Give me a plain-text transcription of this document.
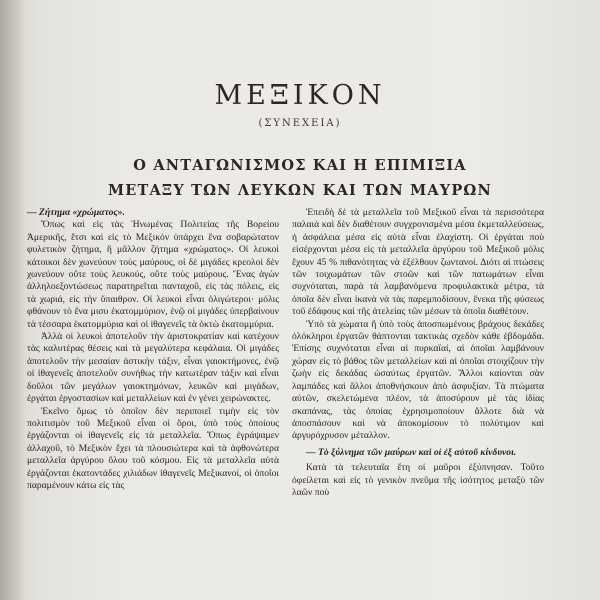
ΜΕΞΙΚΟΝ
(ΣΥΝΕΧΕΙΑ)
Ο ΑΝΤΑΓΩΝΙΣΜΟΣ ΚΑΙ Η ΕΠΙΜΙΞΙΑ
ΜΕΤΑΞΥ ΤΩΝ ΛΕΥΚΩΝ ΚΑΙ ΤΩΝ ΜΑΥΡΩΝ

— Ζήτημα «χρώματος».

Ὅπως καὶ εἰς τὰς Ἡνωμένας Πολιτείας τῆς Βορείου Ἀμερικῆς, ἔτσι καὶ εἰς τὸ Μεξικὸν ὑπάρχει ἕνα σοβαρώτατον φυλετικὸν ζήτημα, ἢ μᾶλλον ζήτημα «χρώματος». Οἱ λευκοὶ κάτοικοι δὲν χωνεύουν τοὺς μαύρους, οἱ δὲ μιγάδες κρεολοὶ δὲν χωνεύουν οὔτε τοὺς λευκούς, οὔτε τοὺς μαύρους. Ἕνας ἀγὼν ἀλληλοεξοντώσεως παρατηρεῖται πανταχοῦ, εἰς τὰς πόλεις, εἰς τὰ χωριά, εἰς τὴν ὕπαιθρον. Οἱ λευκοὶ εἶναι ὀλιγώτεροι· μόλις φθάνουν τὸ ἕνα μισυ ἑκατομμύριον, ἐνῷ οἱ μιγάδες ὑπερβαίνουν τὰ τέσσαρα ἑκατομμύρια καὶ οἱ ἰθαγενεῖς τὰ ὀκτὼ ἑκατομμύρια.

Ἀλλὰ οἱ λευκοὶ ἀποτελοῦν τὴν ἀριστοκρατίαν καὶ κατέχουν τὰς καλυτέρας θέσεις καὶ τὰ μεγαλύτερα κεφάλαια. Οἱ μιγάδες ἀποτελοῦν τὴν μεσαίαν ἀστικὴν τάξιν, εἶναι γαιοκτήμονες, ἐνῷ οἱ ἰθαγενεῖς ἀποτελοῦν συνήθως τὴν κατωτέραν τάξιν καὶ εἶναι δοῦλοι τῶν μεγάλων γαιοκτημόνων, λευκῶν καὶ μιγάδων, ἐργάται ἐργοστασίων καὶ μεταλλείων καὶ ἐν γένει χειρώνακτες.

Ἐκεῖνο ὅμως τὸ ὁποῖον δὲν περιποιεῖ τιμὴν εἰς τὸν πολιτισμὸν τοῦ Μεξικοῦ εἶναι οἱ ὅροι, ὑπὸ τοὺς ὁποίους ἐργάζονται οἱ ἰθαγενεῖς εἰς τὰ μεταλλεῖα. Ὅπως ἐγράψαμεν ἀλλαχοῦ, τὸ Μεξικὸν ἔχει τὰ πλουσιώτερα καὶ τὰ ἀφθονώτερα μεταλλεῖα ἀργύρου ὅλου τοῦ κόσμου. Εἰς τὰ μεταλλεῖα αὐτὰ ἐργάζονται ἑκατοντάδες χιλιάδων ἰθαγενεῖς Μεξικανοί, οἱ ὁποῖοι παραμένουν κάτω εἰς τὰς

Ἐπειδὴ δὲ τὰ μεταλλεῖα τοῦ Μεξικοῦ εἶναι τὰ περισσότερα παλαιὰ καὶ δὲν διαθέτουν συγχρονισμένα μέσα ἐκμεταλλεύσεως, ἡ ἀσφάλεια μέσα εἰς αὐτὰ εἶναι ἐλαχίστη. Οἱ ἐργάται ποὺ εἰσέρχονται μέσα εἰς τὰ μεταλλεῖα ἀργύρου τοῦ Μεξικοῦ μόλις ἔχουν 45 % πιθανότητας νὰ ἐξέλθουν ζωντανοί. Διότι αἱ πτώσεις τῶν τοιχωμάτων τῶν στοῶν καὶ τῶν πατωμάτων εἶναι συχνόταται, παρὰ τὰ λαμβανόμενα προφυλακτικὰ μέτρα, τὰ ὁποῖα δὲν εἶναι ἱκανὰ νὰ τὰς παρεμποδίσουν, ἕνεκα τῆς φύσεως τοῦ ἐδάφους καὶ τῆς ἀτελείας τῶν μέσων τὰ ὁποῖα διαθέτουν.

Ὑπὸ τὰ χώματα ἢ ὑπὸ τοὺς ἀποσπωμένους βράχους δεκάδες ὁλόκληροι ἐργατῶν θάπτονται τακτικὰς σχεδὸν κάθε ἑβδομάδα. Ἐπίσης συχνόταται εἶναι αἱ πυρκαϊαί, αἱ ὁποῖαι λαμβάνουν χώραν εἰς τὸ βάθος τῶν μεταλλείων καὶ αἱ ὁποῖαι στοιχίζουν τὴν ζωὴν εἰς δεκάδας ὡσαύτως ἐργατῶν. Ἄλλοι καίονται σὰν λαμπάδες καὶ ἄλλοι ἀποθνήσκουν ἀπὸ ἀσφυξίαν. Τὰ πτώματα αὐτῶν, σκελετώμενα πλέον, τὰ ἀποσύρουν μὲ τὰς ἰδίας σκαπάνας, τὰς ὁποίας ἐχρησιμοποίουν ἄλλοτε διὰ νὰ ἀποσπάσουν καὶ νὰ ἀποκομίσουν τὸ πολύτιμον καὶ ἀργυρόχρυσον μέταλλον.

— Τὸ ξύλνημα τῶν μαύρων καὶ οἱ ἐξ αὐτοῦ κίνδυνοι.

Κατὰ τὰ τελευταῖα ἔτη οἱ μαῦροι ἐξύπνησαν. Τοῦτο ὀφείλεται καὶ εἰς τὸ γενικὸν πνεῦμα τῆς ἰσότητος μεταξὺ τῶν λαῶν ποὺ
